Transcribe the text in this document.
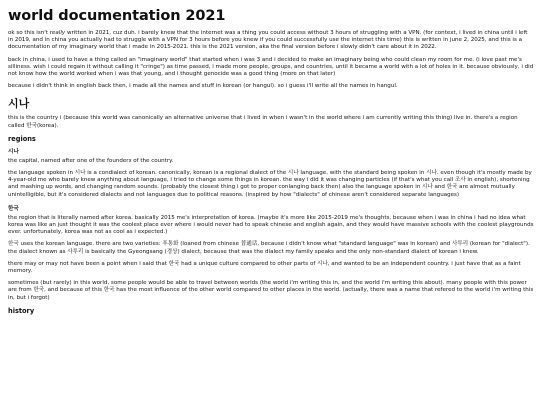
world documentation 2021

ok so this isn't really written in 2021, cuz duh. i barely knew that the internet was a thing you could access without 3 hours of struggling with a VPN. (for context, i lived in china until i left in 2019, and in china you actually had to struggle with a VPN for 3 hours before you knew if you could successfully use the internet this time) this is written in june 2, 2025, and this is a documentation of my imaginary world that i made in 2015-2021. this is the 2021 version, aka the final version before i slowly didn't care about it in 2022.

back in china, i used to have a thing called an "imaginary world" that started when i was 3 and i decided to make an imaginary being who could clean my room for me. (i love past me's silliness. wish i could regain it without calling it "cringe") as time passed, i made more people, groups, and countries, until it became a world with a lot of holes in it. because obviously, i did not know how the world worked when i was that young, and i thought genocide was a good thing (more on that later)

because i didn't think in english back then, i made all the names and stuff in korean (or hangul). so i guess i'll write all the names in hangul.

시나

this is the country i (because this world was canonically an alternative universe that i lived in when i wasn't in the world where i am currently writing this thing) live in. there's a region called 한국(korea).

regions
시나

the capital, named after one of the founders of the country.

the language spoken in 시나 is a condialect of korean. canonically, korean is a regional dialect of the 시나 language, with the standard being spoken in 시나. even though it's mostly made by 4-year-old me who barely knew anything about language, i tried to change some things in korean. the way i did it was changing particles (if that's what you call 조사 in english), shortening and mashing up words, and changing random sounds. (probably the closest thing i got to proper conlanging back then) also the language spoken in 시나 and 한국 are almost mutually unintelligible, but it's considered dialects and not languages due to political reasons. (inspired by how "dialects" of chinese aren't considered separate languages)

한국

the region that is literally named after korea. basically 2015 me's interpretation of korea. (maybe it's more like 2015-2019 me's thoughts, because when i was in china i had no idea what korea was like an just thought it was the coolest place ever where i would never had to speak chinese and english again, and they would have massive schools with the coolest playgrounds ever. unfortunately, korea was not as cool as i expected.)

한국 uses the korean language. there are two varieties: 푸통화 (loaned from chinese 普通话, because i didn't know what "standard language" was in korean) and 사투리 (korean for "dialect"). the dialect known as 사투리 is basically the Gyeongsang (경상) dialect, because that was the dialect my family speaks and the only non-standard dialect of korean i knew.

there may or may not have been a point when i said that 한국 had a unique culture compared to other parts of 시나, and wanted to be an independent country. i just have that as a faint memory.

sometimes (but rarely) in this world, some people would be able to travel between worlds (the world i'm writing this in, and the world i'm writing this about). many people with this power are from 한국, and because of this 한국 has the most influence of the other world compared to other places in the world. (actually, there was a name that refered to the world i'm writing this in, but i forgot)

history
